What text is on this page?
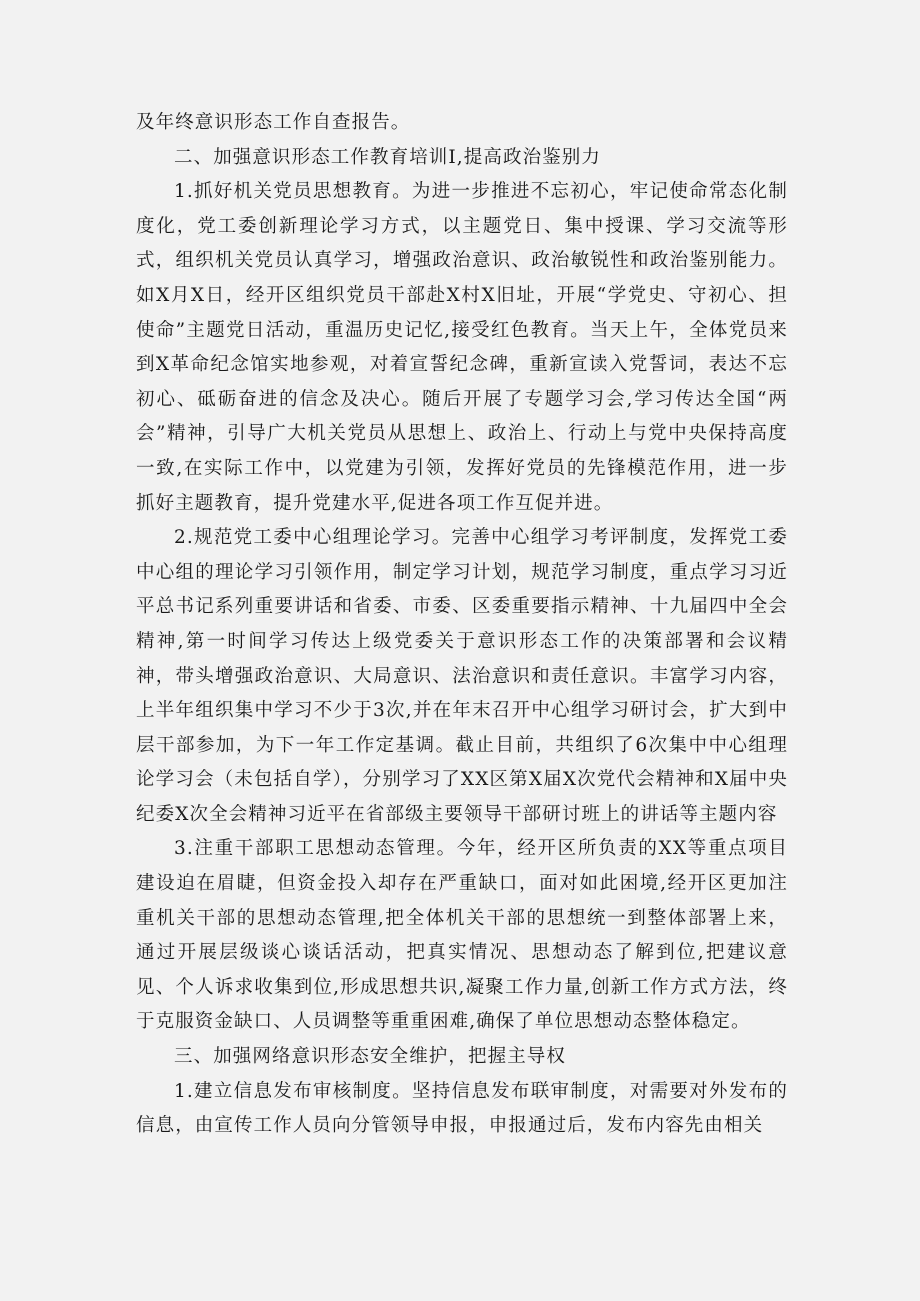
及年终意识形态工作自查报告。

二、加强意识形态工作教育培训Ⅰ,提高政治鉴别力

1.抓好机关党员思想教育。为进一步推进不忘初心，牢记使命常态化制度化，党工委创新理论学习方式，以主题党日、集中授课、学习交流等形式，组织机关党员认真学习，增强政治意识、政治敏锐性和政治鉴别能力。如X月X日，经开区组织党员干部赴X村X旧址，开展“学党史、守初心、担使命”主题党日活动，重温历史记忆,接受红色教育。当天上午，全体党员来到X革命纪念馆实地参观，对着宣誓纪念碑，重新宣读入党誓词，表达不忘初心、砥砺奋进的信念及决心。随后开展了专题学习会,学习传达全国“两会”精神，引导广大机关党员从思想上、政治上、行动上与党中央保持高度一致,在实际工作中，以党建为引领，发挥好党员的先锋模范作用，进一步抓好主题教育，提升党建水平,促进各项工作互促并进。

2.规范党工委中心组理论学习。完善中心组学习考评制度，发挥党工委中心组的理论学习引领作用，制定学习计划，规范学习制度，重点学习习近平总书记系列重要讲话和省委、市委、区委重要指示精神、十九届四中全会精神,第一时间学习传达上级党委关于意识形态工作的决策部署和会议精神，带头增强政治意识、大局意识、法治意识和责任意识。丰富学习内容，上半年组织集中学习不少于3次,并在年末召开中心组学习研讨会，扩大到中层干部参加，为下一年工作定基调。截止目前，共组织了6次集中中心组理论学习会（未包括自学），分别学习了XX区第X届X次党代会精神和X届中央纪委X次全会精神习近平在省部级主要领导干部研讨班上的讲话等主题内容

3.注重干部职工思想动态管理。今年，经开区所负责的XX等重点项目建设迫在眉睫，但资金投入却存在严重缺口，面对如此困境,经开区更加注重机关干部的思想动态管理,把全体机关干部的思想统一到整体部署上来，通过开展层级谈心谈话活动，把真实情况、思想动态了解到位,把建议意见、个人诉求收集到位,形成思想共识,凝聚工作力量,创新工作方式方法，终于克服资金缺口、人员调整等重重困难,确保了单位思想动态整体稳定。

三、加强网络意识形态安全维护，把握主导权

1.建立信息发布审核制度。坚持信息发布联审制度，对需要对外发布的信息，由宣传工作人员向分管领导申报，申报通过后，发布内容先由相关
